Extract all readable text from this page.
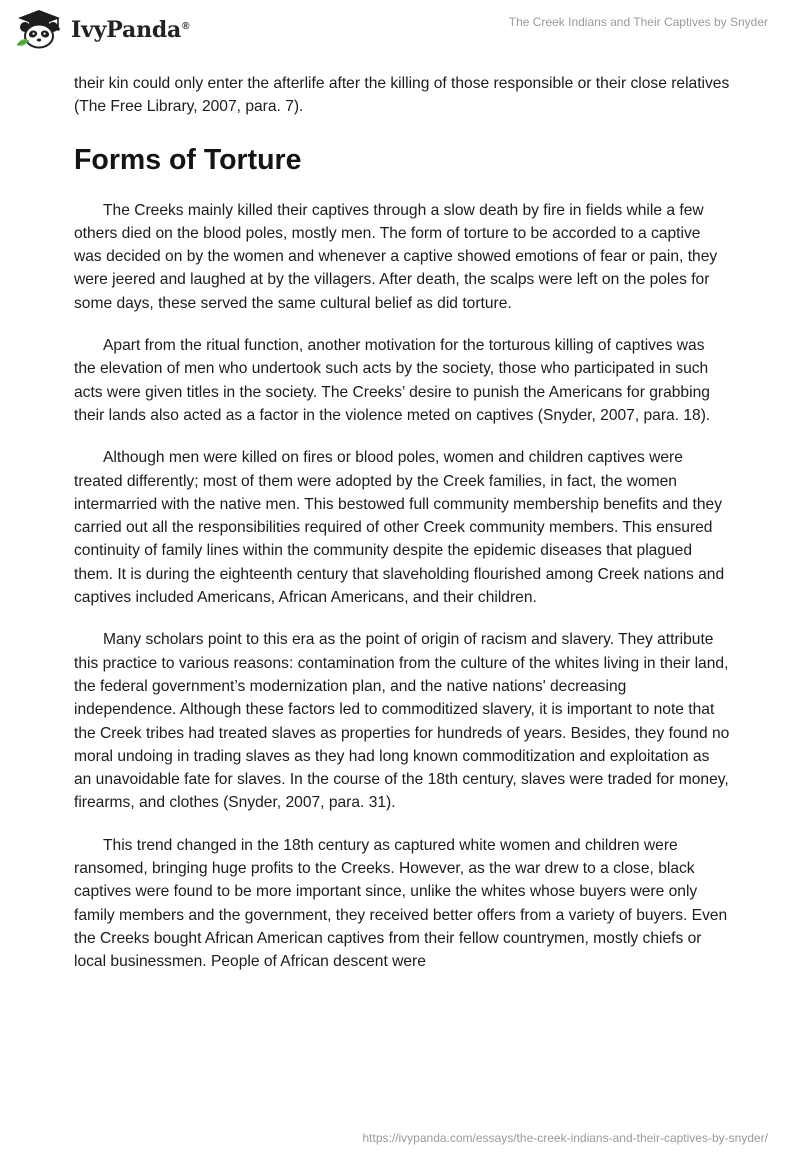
IvyPanda®	The Creek Indians and Their Captives by Snyder

their kin could only enter the afterlife after the killing of those responsible or their close relatives (The Free Library, 2007, para. 7).

Forms of Torture

The Creeks mainly killed their captives through a slow death by fire in fields while a few others died on the blood poles, mostly men. The form of torture to be accorded to a captive was decided on by the women and whenever a captive showed emotions of fear or pain, they were jeered and laughed at by the villagers. After death, the scalps were left on the poles for some days, these served the same cultural belief as did torture.

Apart from the ritual function, another motivation for the torturous killing of captives was the elevation of men who undertook such acts by the society, those who participated in such acts were given titles in the society. The Creeks’ desire to punish the Americans for grabbing their lands also acted as a factor in the violence meted on captives (Snyder, 2007, para. 18).

Although men were killed on fires or blood poles, women and children captives were treated differently; most of them were adopted by the Creek families, in fact, the women intermarried with the native men. This bestowed full community membership benefits and they carried out all the responsibilities required of other Creek community members. This ensured continuity of family lines within the community despite the epidemic diseases that plagued them. It is during the eighteenth century that slaveholding flourished among Creek nations and captives included Americans, African Americans, and their children.

Many scholars point to this era as the point of origin of racism and slavery. They attribute this practice to various reasons: contamination from the culture of the whites living in their land, the federal government’s modernization plan, and the native nations' decreasing independence. Although these factors led to commoditized slavery, it is important to note that the Creek tribes had treated slaves as properties for hundreds of years. Besides, they found no moral undoing in trading slaves as they had long known commoditization and exploitation as an unavoidable fate for slaves. In the course of the 18th century, slaves were traded for money, firearms, and clothes (Snyder, 2007, para. 31).

This trend changed in the 18th century as captured white women and children were ransomed, bringing huge profits to the Creeks. However, as the war drew to a close, black captives were found to be more important since, unlike the whites whose buyers were only family members and the government, they received better offers from a variety of buyers. Even the Creeks bought African American captives from their fellow countrymen, mostly chiefs or local businessmen. People of African descent were

https://ivypanda.com/essays/the-creek-indians-and-their-captives-by-snyder/
